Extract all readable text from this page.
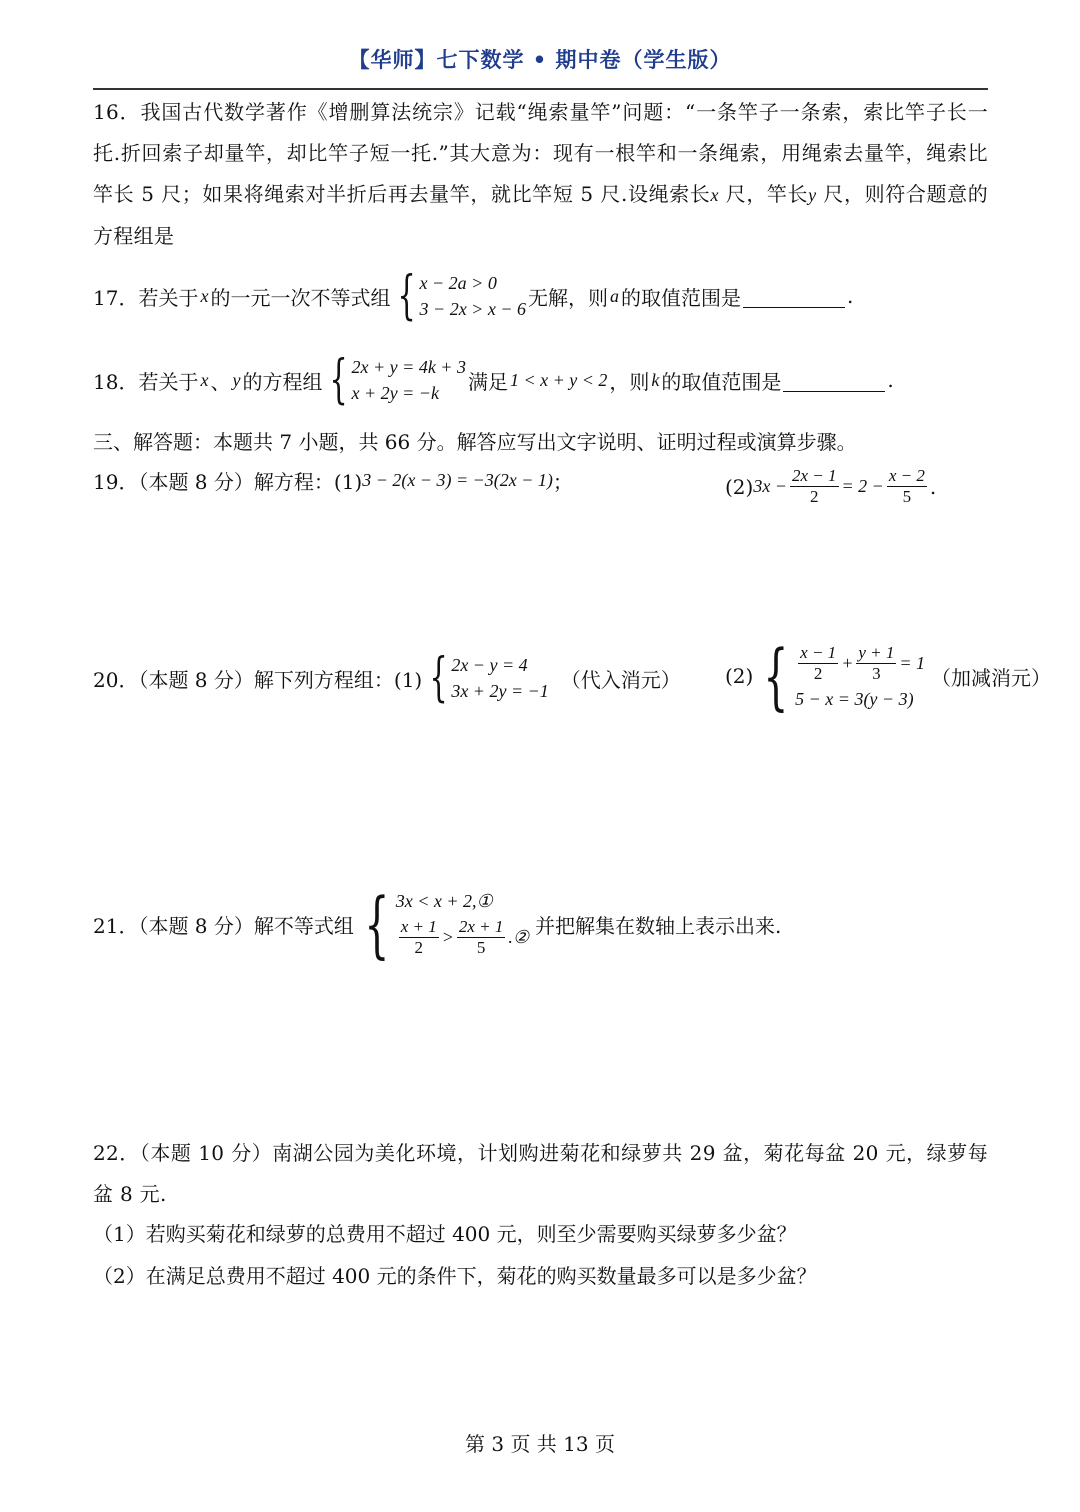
【华师】七下数学 • 期中卷（学生版）
16．我国古代数学著作《增删算法统宗》记载“绳索量竿”问题：“一条竿子一条索，索比竿子长一托.折回索子却量竿，却比竿子短一托.”其大意为：现有一根竿和一条绳索，用绳索去量竿，绳索比竿长 5 尺；如果将绳索对半折后再去量竿，就比竿短 5 尺.设绳索长x 尺，竿长y 尺，则符合题意的方程组是
17．若关于 x 的一元一次不等式组 { x − 2a > 0
3 − 2x > x − 6 无解，则 a 的取值范围是	.
18．若关于 x 、 y 的方程组 { 2x + y = 4k + 3
x + 2y = −k	满足 1 < x + y < 2 ，则 k 的取值范围是	.
三、解答题：本题共 7 小题，共 66 分。解答应写出文字说明、证明过程或演算步骤。
19．（本题 8 分）解方程：(1) 3 − 2(x − 3) = −3(2x − 1) ；	(2) $3x - \frac{2x - 1}{2} = 2 - \frac{x - 2}{5}$ .
20．（本题 8 分）解下列方程组：(1) { 2x − y = 4
3x + 2y = −1 （代入消元） (2) { $\frac{x - 1}{2} + \frac{y + 1}{3} = 1$
5 − x = 3(y − 3)
（加减消元）
21．（本题 8 分）解不等式组 { 3x < x + 2,①
$\frac{x + 1}{2} > \frac{2x + 1}{5}$ .② 并把解集在数轴上表示出来.
22．（本题 10 分）南湖公园为美化环境，计划购进菊花和绿萝共 29 盆，菊花每盆 20 元，绿萝每盆 8 元.
（1）若购买菊花和绿萝的总费用不超过 400 元，则至少需要购买绿萝多少盆？
（2）在满足总费用不超过 400 元的条件下，菊花的购买数量最多可以是多少盆？
第 3 页 共 13 页
